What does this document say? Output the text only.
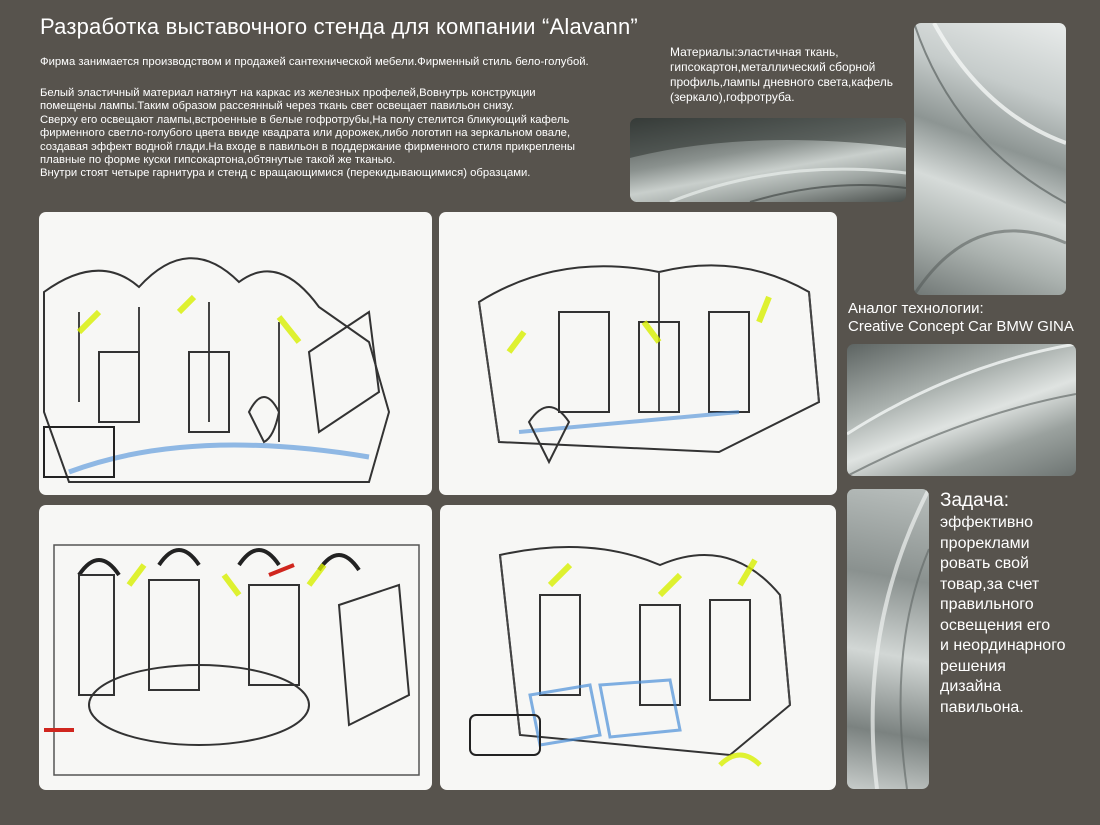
Разработка выставочного стенда для компании “Alavann”
Фирма занимается производством и продажей сантехнической мебели.Фирменный стиль бело-голубой.

Белый эластичный материал натянут на каркас из железных профелей,Вовнутрь конструкции

помещены лампы.Таким образом рассеянный через ткань свет освещает павильон снизу.

Сверху его освещают лампы,встроенные в белые гофротрубы,На полу стелится бликующий кафель

фирменного светло-голубого цвета ввиде квадрата или дорожек,либо логотип на зеркальном овале,

создавая эффект водной глади.На входе в павильон в поддержание фирменного стиля прикреплены

плавные по форме куски гипсокартона,обтянутые такой же тканью.

Внутри стоят четыре гарнитура и стенд с вращающимися (перекидывающимися) образцами.

Материалы:эластичная ткань, гипсокартон,металлический сборной профиль,лампы дневного света,кафель (зеркало),гофротруба.
Аналог технологии:
Creative Concept Car BMW GINA
Задача:
эффективно
прореклами
ровать свой
товар,за счет
правильного
освещения его
и неординарного
решения
дизайна
павильона.
